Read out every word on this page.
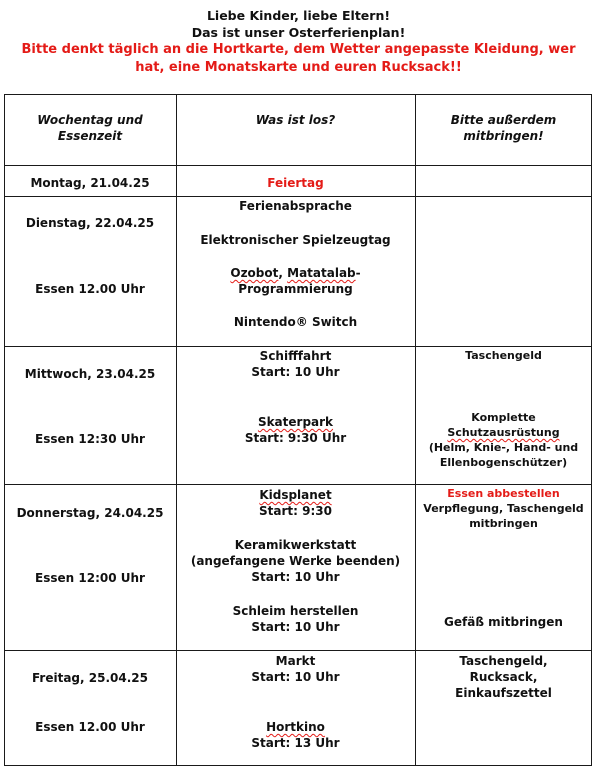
Liebe Kinder, liebe Eltern!
Das ist unser Osterferienplan!
Bitte denkt täglich an die Hortkarte, dem Wetter angepasste Kleidung, wer hat, eine Monatskarte und euren Rucksack!!
Wochentag und
Essenzeit
Was ist los?	Bitte außerdem
mitbringen!
Montag, 21.04.25	Feiertag
Dienstag, 22.04.25
Essen 12.00 Uhr
Ferienabsprache
Elektronischer Spielzeugtag
Ozobot, Matatalab-
Programmierung
Nintendo® Switch
Mittwoch, 23.04.25
Essen 12:30 Uhr
Schifffahrt
Start: 10 Uhr
Skaterpark
Start: 9:30 Uhr
Taschengeld
Komplette
Schutzausrüstung
(Helm, Knie-, Hand- und
Ellenbogenschützer)
Donnerstag, 24.04.25
Essen 12:00 Uhr
Kidsplanet
Start: 9:30
Keramikwerkstatt
(angefangene Werke beenden)
Start: 10 Uhr
Schleim herstellen
Start: 10 Uhr
Essen abbestellen
Verpflegung, Taschengeld
mitbringen
Gefäß mitbringen
Freitag, 25.04.25
Essen 12.00 Uhr
Markt
Start: 10 Uhr
Hortkino
Start: 13 Uhr
Taschengeld,
Rucksack,
Einkaufszettel
